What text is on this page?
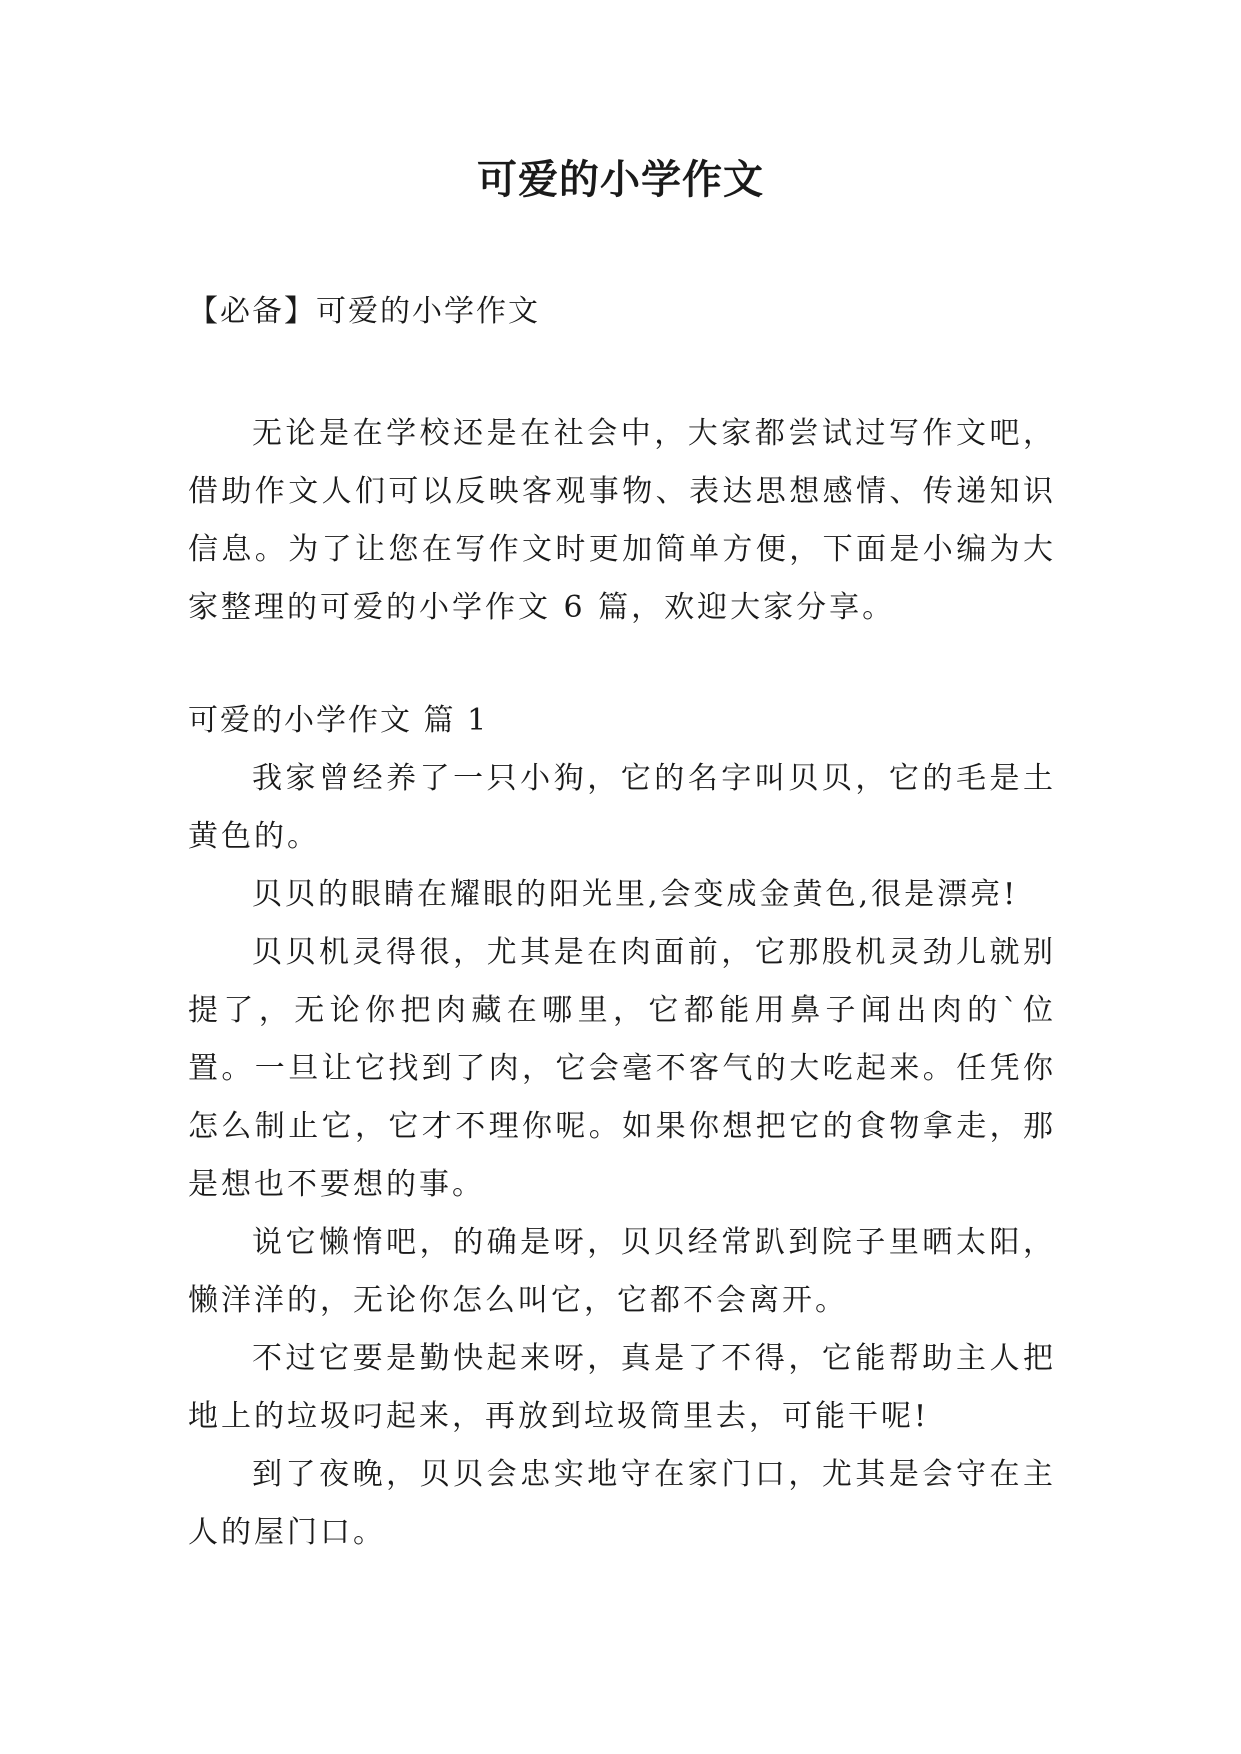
可爱的小学作文

【必备】可爱的小学作文

无论是在学校还是在社会中，大家都尝试过写作文吧，借助作文人们可以反映客观事物、表达思想感情、传递知识信息。为了让您在写作文时更加简单方便，下面是小编为大家整理的可爱的小学作文 6 篇，欢迎大家分享。

可爱的小学作文 篇 1

我家曾经养了一只小狗，它的名字叫贝贝，它的毛是土黄色的。

贝贝的眼睛在耀眼的阳光里,会变成金黄色,很是漂亮!

贝贝机灵得很，尤其是在肉面前，它那股机灵劲儿就别提了，无论你把肉藏在哪里，它都能用鼻子闻出肉的`位置。一旦让它找到了肉，它会毫不客气的大吃起来。任凭你怎么制止它，它才不理你呢。如果你想把它的食物拿走，那是想也不要想的事。

说它懒惰吧，的确是呀，贝贝经常趴到院子里晒太阳，懒洋洋的，无论你怎么叫它，它都不会离开。

不过它要是勤快起来呀，真是了不得，它能帮助主人把地上的垃圾叼起来，再放到垃圾筒里去，可能干呢!

到了夜晚，贝贝会忠实地守在家门口，尤其是会守在主人的屋门口。
